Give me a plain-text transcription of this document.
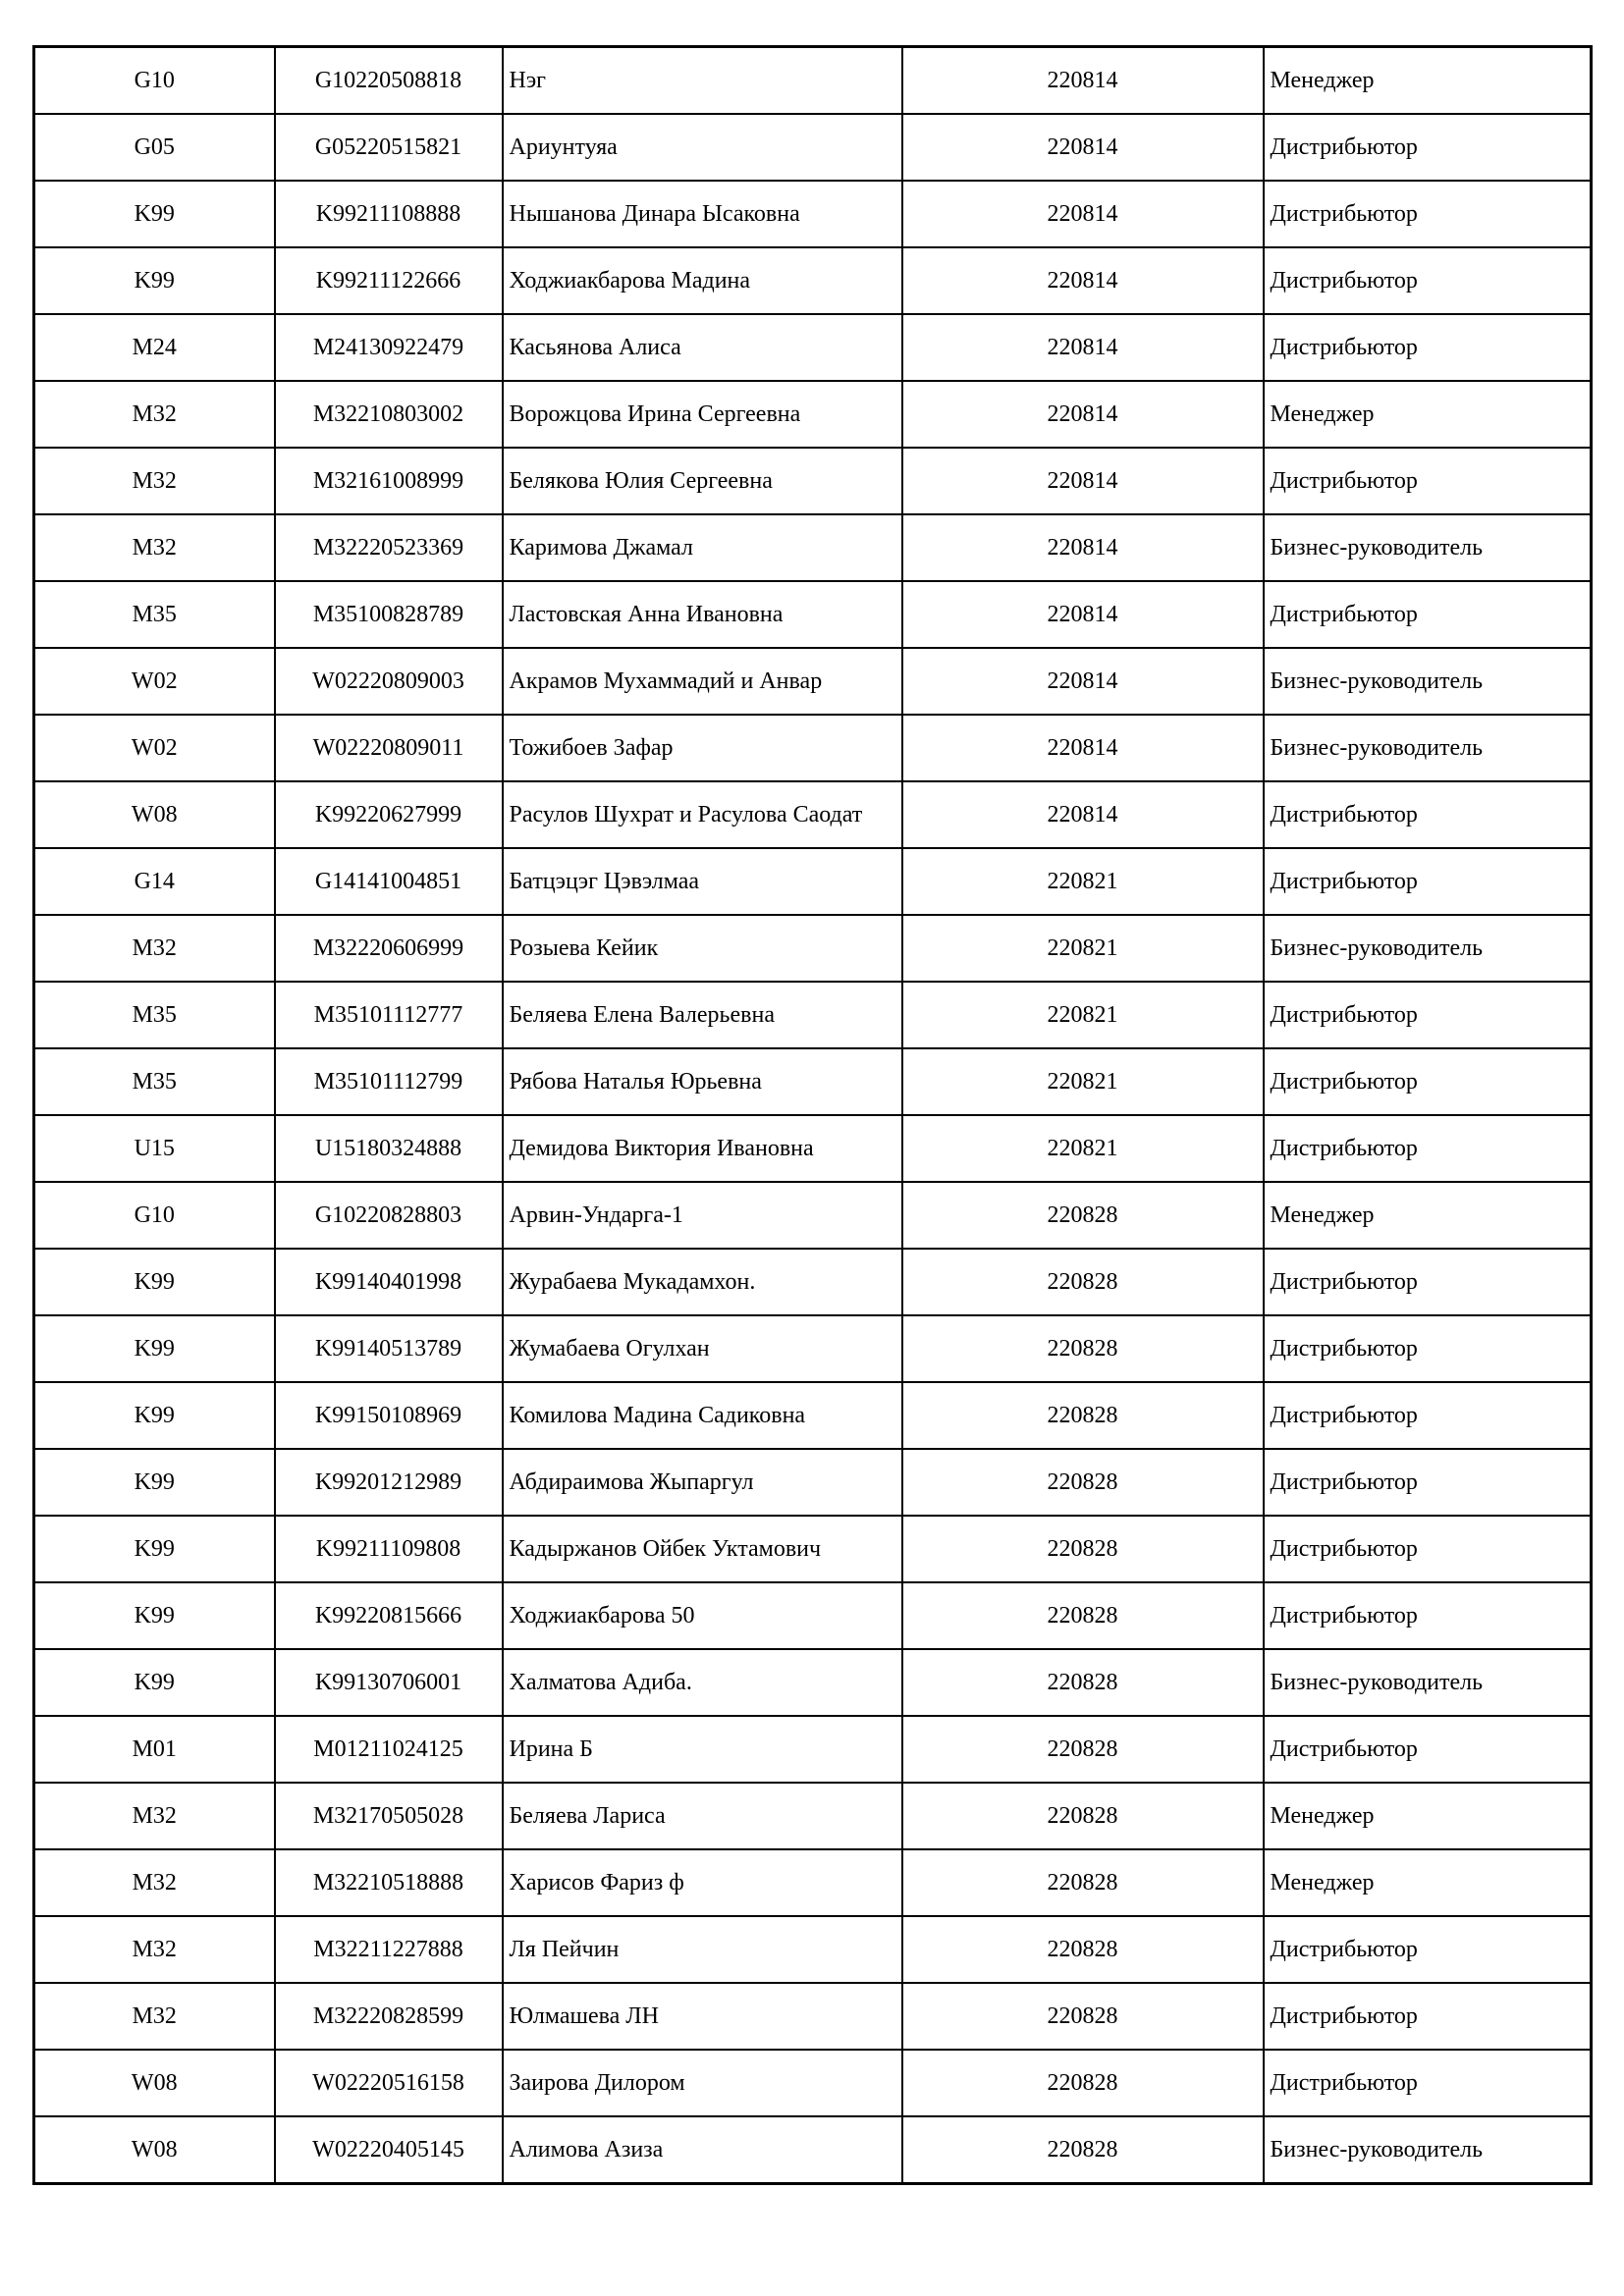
G10	G10220508818	Нэг	220814	Менеджер
G05	G05220515821	Ариунтуяа	220814	Дистрибьютор
K99	K99211108888	Нышанова Динара Ысаковна	220814	Дистрибьютор
K99	K99211122666	Ходжиакбарова Мадина	220814	Дистрибьютор
M24	M24130922479	Касьянова Алиса	220814	Дистрибьютор
M32	M32210803002	Ворожцова Ирина Сергеевна	220814	Менеджер
M32	M32161008999	Белякова Юлия Сергеевна	220814	Дистрибьютор
M32	M32220523369	Каримова Джамал	220814	Бизнес-руководитель
M35	M35100828789	Ластовская Анна Ивановна	220814	Дистрибьютор
W02	W02220809003	Акрамов Мухаммадий и Анвар	220814	Бизнес-руководитель
W02	W02220809011	Тожибоев Зафар	220814	Бизнес-руководитель
W08	K99220627999	Расулов Шухрат и Расулова Саодат	220814	Дистрибьютор
G14	G14141004851	Батцэцэг Цэвэлмаа	220821	Дистрибьютор
M32	M32220606999	Розыева Кейик	220821	Бизнес-руководитель
M35	M35101112777	Беляева Елена Валерьевна	220821	Дистрибьютор
M35	M35101112799	Рябова Наталья Юрьевна	220821	Дистрибьютор
U15	U15180324888	Демидова Виктория Ивановна	220821	Дистрибьютор
G10	G10220828803	Арвин-Ундарга-1	220828	Менеджер
K99	K99140401998	Журабаева Мукадамхон.	220828	Дистрибьютор
K99	K99140513789	Жумабаева Огулхан	220828	Дистрибьютор
K99	K99150108969	Комилова Мадина Садиковна	220828	Дистрибьютор
K99	K99201212989	Абдираимова Жыпаргул	220828	Дистрибьютор
K99	K99211109808	Кадыржанов Ойбек Уктамович	220828	Дистрибьютор
K99	K99220815666	Ходжиакбарова 50	220828	Дистрибьютор
K99	K99130706001	Халматова Адиба.	220828	Бизнес-руководитель
M01	M01211024125	Ирина Б	220828	Дистрибьютор
M32	M32170505028	Беляева Лариса	220828	Менеджер
M32	M32210518888	Харисов Фариз ф	220828	Менеджер
M32	M32211227888	Ля Пейчин	220828	Дистрибьютор
M32	M32220828599	Юлмашева ЛН	220828	Дистрибьютор
W08	W02220516158	Заирова Дилором	220828	Дистрибьютор
W08	W02220405145	Алимова Азиза	220828	Бизнес-руководитель
